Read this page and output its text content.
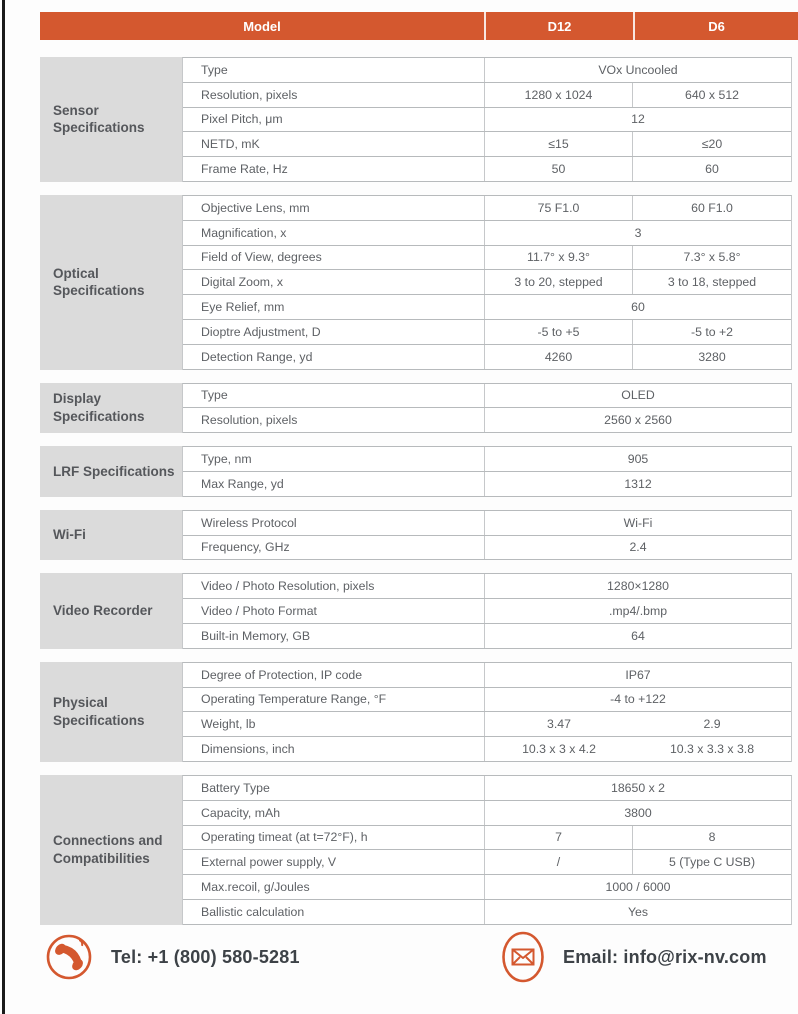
Model	D12	D6
Sensor Specifications
Type	VOx Uncooled
Resolution, pixels	1280 x 1024	640 x 512
Pixel Pitch, μm	12
NETD, mK	≤15	≤20
Frame Rate, Hz	50	60
Optical Specifications
Objective Lens, mm	75 F1.0	60 F1.0
Magnification, x	3
Field of View, degrees	11.7° x 9.3°	7.3° x 5.8°
Digital Zoom, x	3 to 20, stepped	3 to 18, stepped
Eye Relief, mm	60
Dioptre Adjustment, D	-5 to +5	-5 to +2
Detection Range, yd	4260	3280
Display Specifications
Type	OLED
Resolution, pixels	2560 x 2560
LRF Specifications
Type, nm	905
Max Range, yd	1312
Wi-Fi
Wireless Protocol	Wi-Fi
Frequency, GHz	2.4
Video Recorder
Video / Photo Resolution, pixels	1280×1280
Video / Photo Format	.mp4/.bmp
Built-in Memory, GB	64
Physical Specifications
Degree of Protection, IP code	IP67
Operating Temperature Range, °F	-4 to +122
Weight, lb	3.47	2.9
Dimensions, inch	10.3 x 3 x 4.2	10.3 x 3.3 x 3.8
Connections and Compatibilities
Battery Type	18650 x 2
Capacity, mAh	3800
Operating timeat (at t=72°F), h	7	8
External power supply, V	/	5 (Type C USB)
Max.recoil, g/Joules	1000 / 6000
Ballistic calculation	Yes
Tel: +1 (800) 580-5281	Email: info@rix-nv.com
